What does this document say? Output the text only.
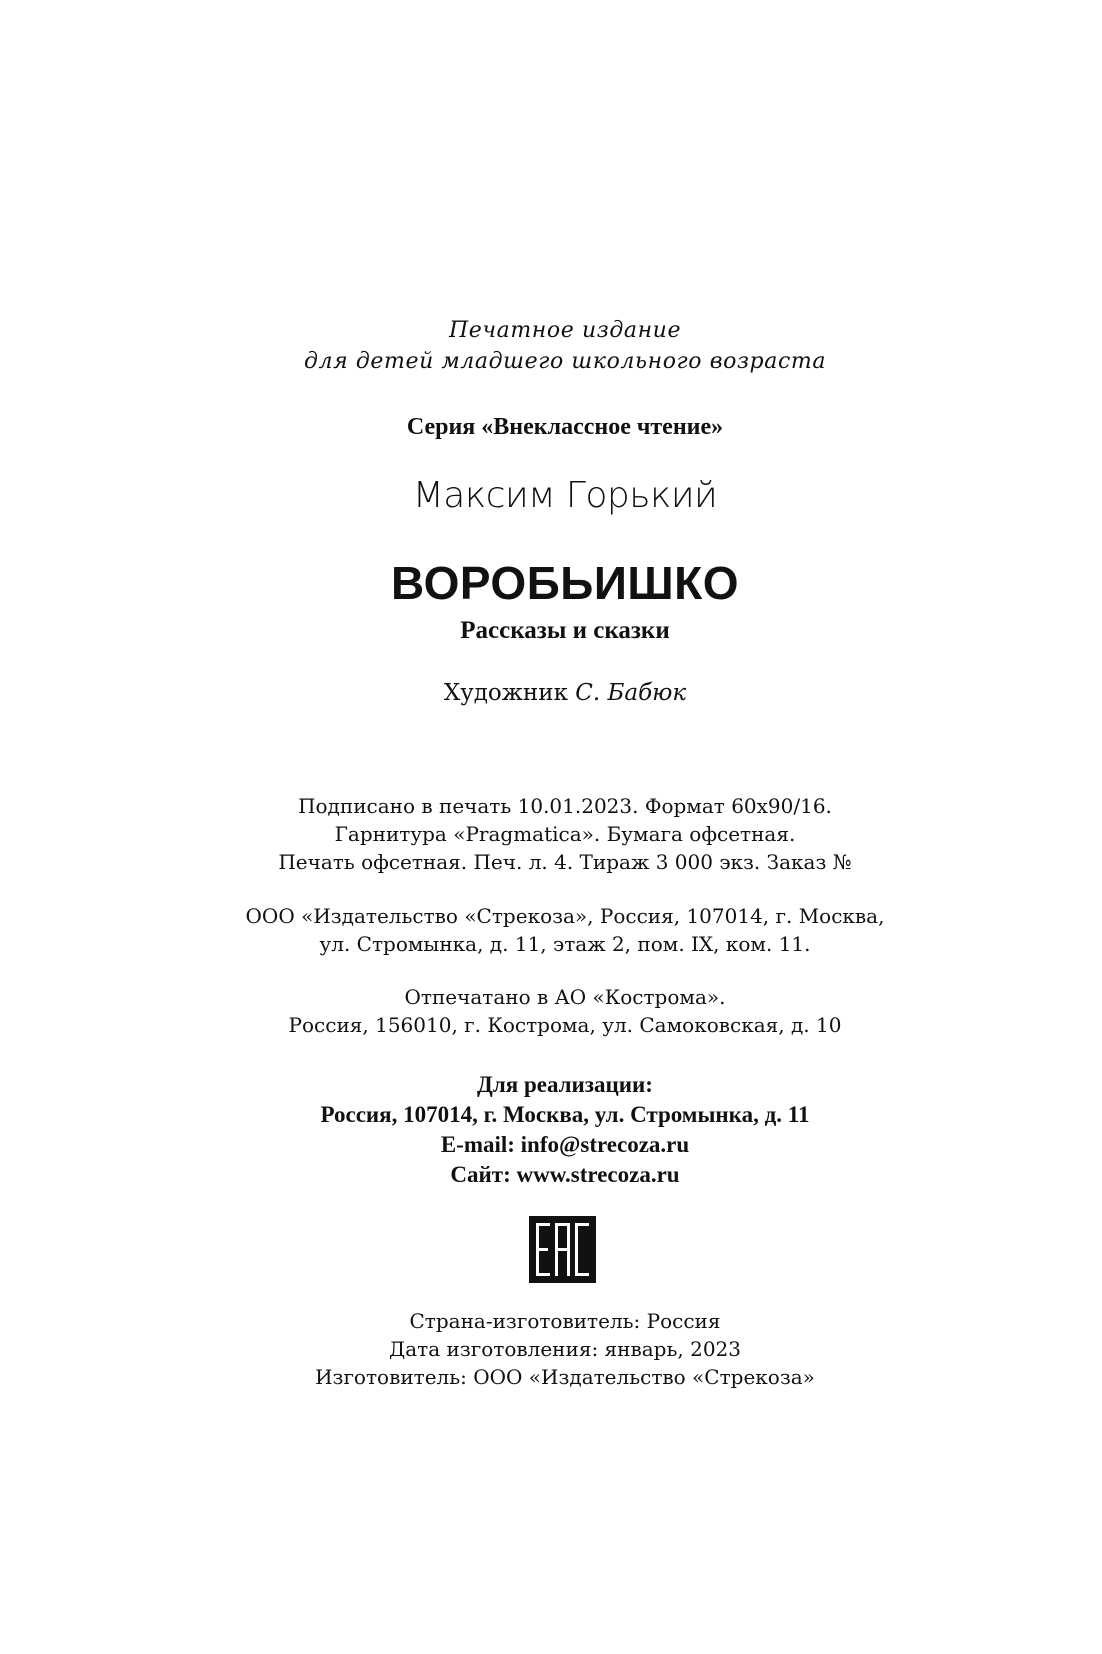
Печатное издание
для детей младшего школьного возраста
Серия «Внеклассное чтение»
Максим Горький
ВОРОБЬИШКО
Рассказы и сказки
Художник С. Бабюк
Подписано в печать 10.01.2023. Формат 60x90/16.
Гарнитура «Pragmatica». Бумага офсетная.
Печать офсетная. Печ. л. 4. Тираж 3 000 экз. Заказ №
ООО «Издательство «Стрекоза», Россия, 107014, г. Москва,
ул. Стромынка, д. 11, этаж 2, пом. IX, ком. 11.
Отпечатано в АО «Кострома».
Россия, 156010, г. Кострома, ул. Самоковская, д. 10
Для реализации:
Россия, 107014, г. Москва, ул. Стромынка, д. 11
E-mail: info@strecoza.ru
Сайт: www.strecoza.ru
Страна-изготовитель: Россия
Дата изготовления: январь, 2023
Изготовитель: ООО «Издательство «Стрекоза»
